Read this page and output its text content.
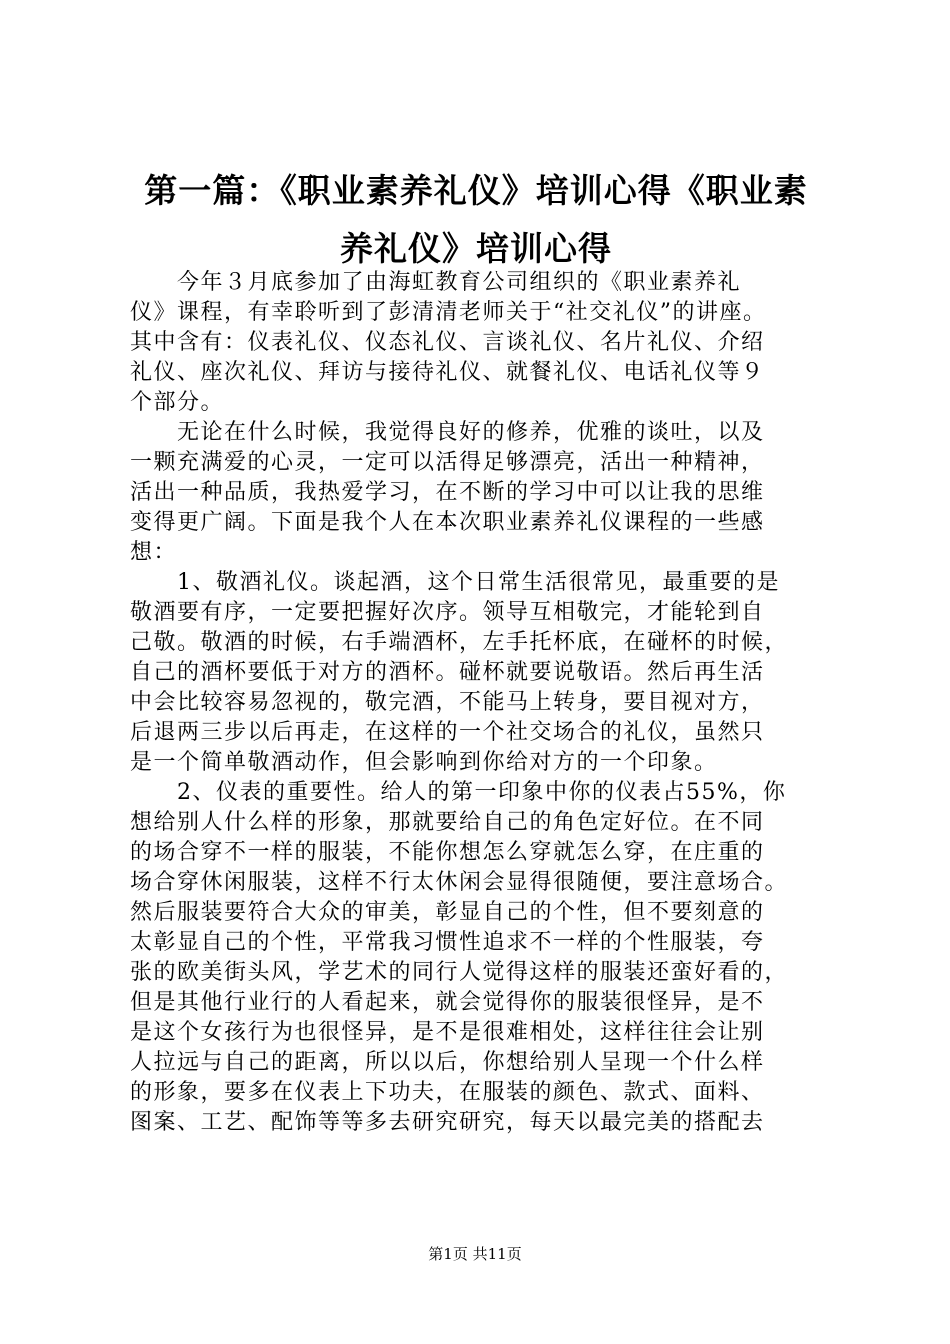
第一篇：《职业素养礼仪》培训心得《职业素
养礼仪》培训心得

　　今年３月底参加了由海虹教育公司组织的《职业素养礼
仪》课程，有幸聆听到了彭清清老师关于“社交礼仪”的讲座。
其中含有：仪表礼仪、仪态礼仪、言谈礼仪、名片礼仪、介绍
礼仪、座次礼仪、拜访与接待礼仪、就餐礼仪、电话礼仪等９
个部分。

　　无论在什么时候，我觉得良好的修养，优雅的谈吐，以及
一颗充满爱的心灵，一定可以活得足够漂亮，活出一种精神，
活出一种品质，我热爱学习，在不断的学习中可以让我的思维
变得更广阔。下面是我个人在本次职业素养礼仪课程的一些感
想：

　　1、敬酒礼仪。谈起酒，这个日常生活很常见，最重要的是
敬酒要有序，一定要把握好次序。领导互相敬完，才能轮到自
己敬。敬酒的时候，右手端酒杯，左手托杯底，在碰杯的时候，
自己的酒杯要低于对方的酒杯。碰杯就要说敬语。然后再生活
中会比较容易忽视的，敬完酒，不能马上转身，要目视对方，
后退两三步以后再走，在这样的一个社交场合的礼仪，虽然只
是一个简单敬酒动作，但会影响到你给对方的一个印象。

　　2、仪表的重要性。给人的第一印象中你的仪表占55%，你
想给别人什么样的形象，那就要给自己的角色定好位。在不同
的场合穿不一样的服装，不能你想怎么穿就怎么穿，在庄重的
场合穿休闲服装，这样不行太休闲会显得很随便，要注意场合。
然后服装要符合大众的审美，彰显自己的个性，但不要刻意的
太彰显自己的个性，平常我习惯性追求不一样的个性服装，夸
张的欧美街头风，学艺术的同行人觉得这样的服装还蛮好看的，
但是其他行业行的人看起来，就会觉得你的服装很怪异，是不
是这个女孩行为也很怪异，是不是很难相处，这样往往会让别
人拉远与自己的距离，所以以后，你想给别人呈现一个什么样
的形象，要多在仪表上下功夫，在服装的颜色、款式、面料、
图案、工艺、配饰等等多去研究研究，每天以最完美的搭配去

第1页 共11页
